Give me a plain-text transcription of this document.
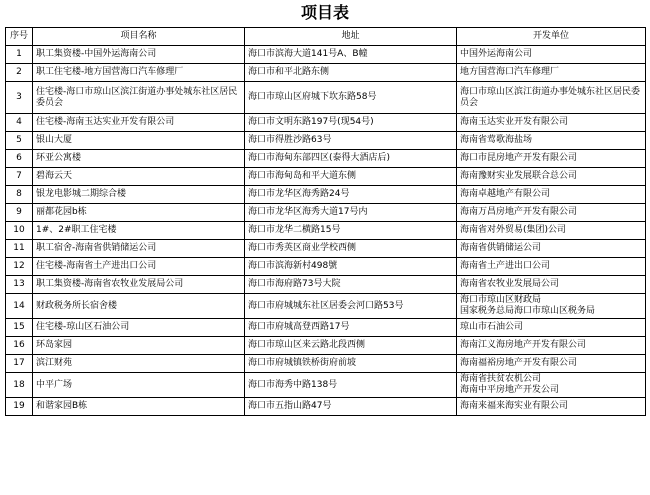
项目表
序号	项目名称	地址	开发单位
1	职工集资楼-中国外运海南公司	海口市滨海大道141号A、B幢	中国外运海南公司

2	职工住宅楼-地方国营海口汽车修理厂	海口市和平北路东侧	地方国营海口汽车修理厂

3	住宅楼-海口市琼山区滨江街道办事处城东社区居民委员会	海口市琼山区府城下坎东路58号	海口市琼山区滨江街道办事处城东社区居民委员会

4	住宅楼-海南玉达实业开发有限公司	海口市文明东路197号(现54号)	海南玉达实业开发有限公司

5	银山大厦	海口市得胜沙路63号	海南省莺歌海盐场

6	环亚公寓楼	海口市海甸东部四区(泰得大酒店后)	海口市昆房地产开发有限公司

7	碧海云天	海口市海甸岛和平大道东侧	海南豫财实业发展联合总公司

8	银龙电影城二期综合楼	海口市龙华区海秀路24号	海南卓越地产有限公司

9	丽都花园b栋	海口市龙华区海秀大道17号内	海南万昌房地产开发有限公司

10	1#、2#职工住宅楼	海口市龙华二横路15号	海南省对外贸易(集团)公司

11	职工宿舍-海南省供销储运公司	海口市秀英区商业学校西侧	海南省供销储运公司

12	住宅楼-海南省土产进出口公司	海口市滨海新村498號	海南省土产进出口公司

13	职工集资楼-海南省农牧业发展局公司	海口市海府路73号大院	海南省农牧业发展局公司

14	财政税务所长宿舍楼	海口市府城城东社区居委会河口路53号	海口市琼山区财政局
国家税务总局海口市琼山区税务局

15	住宅楼-琼山区石油公司	海口市府城高登西路17号	琼山市石油公司

16	环岛家园	海口市琼山区来云路北段西侧	海南江义海房地产开发有限公司

17	滨江财苑	海口市府城镇铁桥街府前坡	海南福裕房地产开发有限公司

18	中平广场	海口市海秀中路138号	海南省扶贫农机公司
海南中平房地产开发公司

19	和谐家园B栋	海口市五指山路47号	海南来福来海实业有限公司
